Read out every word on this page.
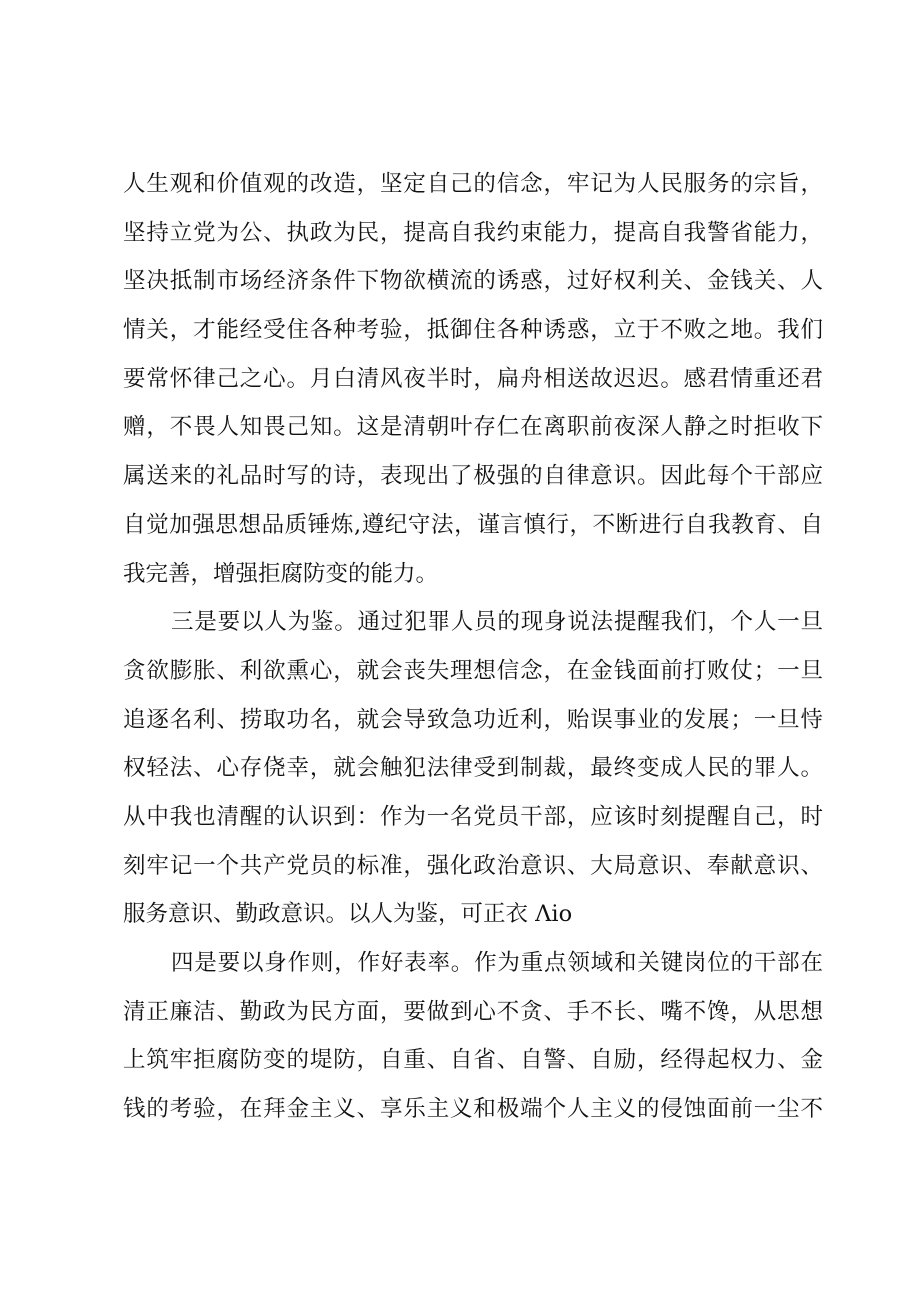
人生观和价值观的改造，坚定自己的信念，牢记为人民服务的宗旨，
坚持立党为公、执政为民，提高自我约束能力，提高自我警省能力，
坚决抵制市场经济条件下物欲横流的诱惑，过好权利关、金钱关、人
情关，才能经受住各种考验，抵御住各种诱惑，立于不败之地。我们
要常怀律己之心。月白清风夜半时，扁舟相送故迟迟。感君情重还君
赠，不畏人知畏己知。这是清朝叶存仁在离职前夜深人静之时拒收下
属送来的礼品时写的诗，表现出了极强的自律意识。因此每个干部应
自觉加强思想品质锤炼,遵纪守法，谨言慎行，不断进行自我教育、自
我完善，增强拒腐防变的能力。
三是要以人为鉴。通过犯罪人员的现身说法提醒我们，个人一旦
贪欲膨胀、利欲熏心，就会丧失理想信念，在金钱面前打败仗；一旦
追逐名利、捞取功名，就会导致急功近利，贻误事业的发展；一旦恃
权轻法、心存侥幸，就会触犯法律受到制裁，最终变成人民的罪人。
从中我也清醒的认识到：作为一名党员干部，应该时刻提醒自己，时
刻牢记一个共产党员的标准，强化政治意识、大局意识、奉献意识、
服务意识、勤政意识。以人为鉴，可正衣 Λio
四是要以身作则，作好表率。作为重点领域和关键岗位的干部在
清正廉洁、勤政为民方面，要做到心不贪、手不长、嘴不馋，从思想
上筑牢拒腐防变的堤防，自重、自省、自警、自励，经得起权力、金
钱的考验，在拜金主义、享乐主义和极端个人主义的侵蚀面前一尘不
